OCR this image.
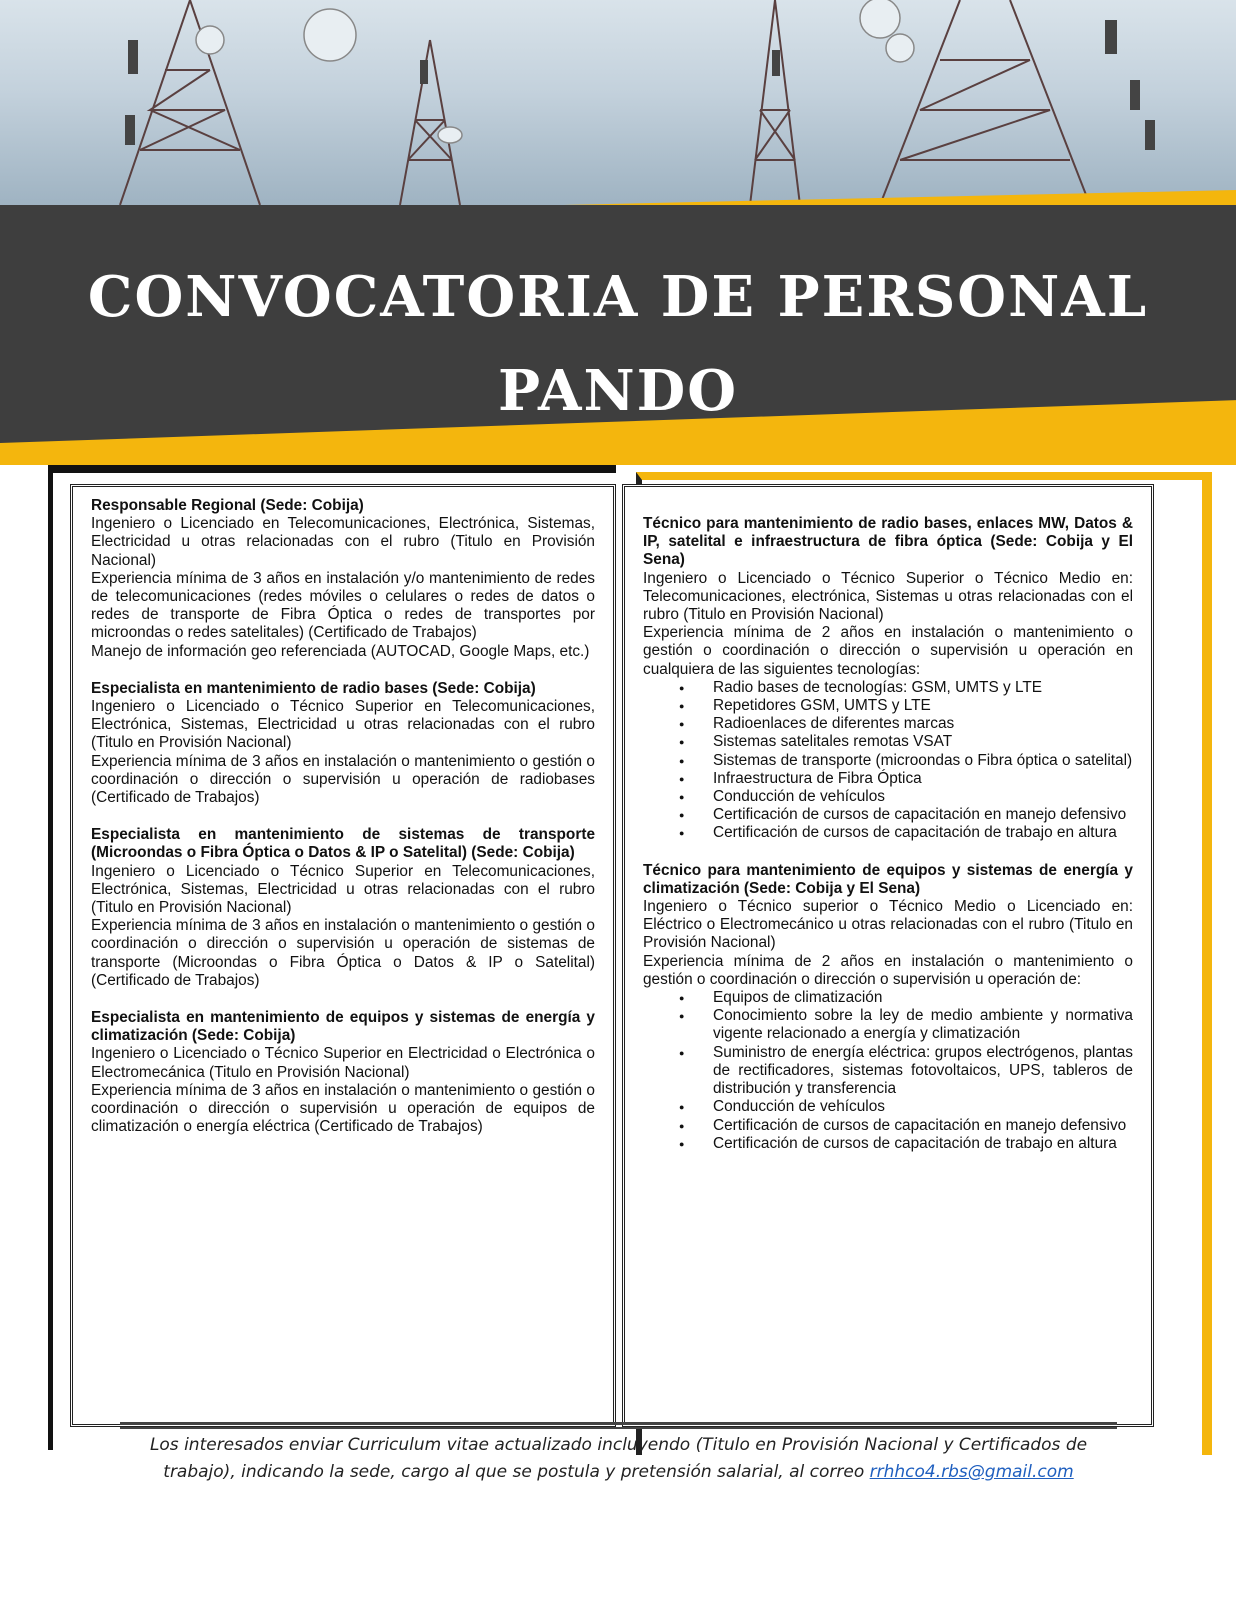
CONVOCATORIA DE PERSONAL
PANDO
Responsable Regional (Sede: Cobija)

Ingeniero o Licenciado en Telecomunicaciones, Electrónica, Sistemas, Electricidad u otras relacionadas con el rubro (Titulo en Provisión Nacional)

Experiencia mínima de 3 años en instalación y/o mantenimiento de redes de telecomunicaciones (redes móviles o celulares o redes de datos o redes de transporte de Fibra Óptica o redes de transportes por microondas o redes satelitales) (Certificado de Trabajos)

Manejo de información geo referenciada (AUTOCAD, Google Maps, etc.)

Especialista en mantenimiento de radio bases (Sede: Cobija)

Ingeniero o Licenciado o Técnico Superior en Telecomunicaciones, Electrónica, Sistemas, Electricidad u otras relacionadas con el rubro (Titulo en Provisión Nacional)

Experiencia mínima de 3 años en instalación o mantenimiento o gestión o coordinación o dirección o supervisión u operación de radiobases (Certificado de Trabajos)

Especialista en mantenimiento de sistemas de transporte (Microondas o Fibra Óptica o Datos & IP o Satelital) (Sede: Cobija)

Ingeniero o Licenciado o Técnico Superior en Telecomunicaciones, Electrónica, Sistemas, Electricidad u otras relacionadas con el rubro (Titulo en Provisión Nacional)

Experiencia mínima de 3 años en instalación o mantenimiento o gestión o coordinación o dirección o supervisión u operación de sistemas de transporte (Microondas o Fibra Óptica o Datos & IP o Satelital) (Certificado de Trabajos)

Especialista en mantenimiento de equipos y sistemas de energía y climatización (Sede: Cobija)

Ingeniero o Licenciado o Técnico Superior en Electricidad o Electrónica o Electromecánica (Titulo en Provisión Nacional)

Experiencia mínima de 3 años en instalación o mantenimiento o gestión o coordinación o dirección o supervisión u operación de equipos de climatización o energía eléctrica (Certificado de Trabajos)

Técnico para mantenimiento de radio bases, enlaces MW, Datos & IP, satelital e infraestructura de fibra óptica (Sede: Cobija y El Sena)

Ingeniero o Licenciado o Técnico Superior o Técnico Medio en: Telecomunicaciones, electrónica, Sistemas u otras relacionadas con el rubro (Titulo en Provisión Nacional)

Experiencia mínima de 2 años en instalación o mantenimiento o gestión o coordinación o dirección o supervisión u operación en cualquiera de las siguientes tecnologías:

● Radio bases de tecnologías: GSM, UMTS y LTE
● Repetidores GSM, UMTS y LTE
● Radioenlaces de diferentes marcas
● Sistemas satelitales remotas VSAT
● Sistemas de transporte (microondas o Fibra óptica o satelital)
● Infraestructura de Fibra Óptica
● Conducción de vehículos
● Certificación de cursos de capacitación en manejo defensivo
● Certificación de cursos de capacitación de trabajo en altura
Técnico para mantenimiento de equipos y sistemas de energía y climatización (Sede: Cobija y El Sena)

Ingeniero o Técnico superior o Técnico Medio o Licenciado en: Eléctrico o Electromecánico u otras relacionadas con el rubro (Titulo en Provisión Nacional)

Experiencia mínima de 2 años en instalación o mantenimiento o gestión o coordinación o dirección o supervisión u operación de:

● Equipos de climatización
● Conocimiento sobre la ley de medio ambiente y normativa vigente relacionado a energía y climatización
● Suministro de energía eléctrica: grupos electrógenos, plantas de rectificadores, sistemas fotovoltaicos, UPS, tableros de distribución y transferencia
● Conducción de vehículos
● Certificación de cursos de capacitación en manejo defensivo
● Certificación de cursos de capacitación de trabajo en altura
Los interesados enviar Curriculum vitae actualizado incluyendo (Titulo en Provisión Nacional y Certificados de trabajo), indicando la sede, cargo al que se postula y pretensión salarial, al correo rrhhco4.rbs@gmail.com
